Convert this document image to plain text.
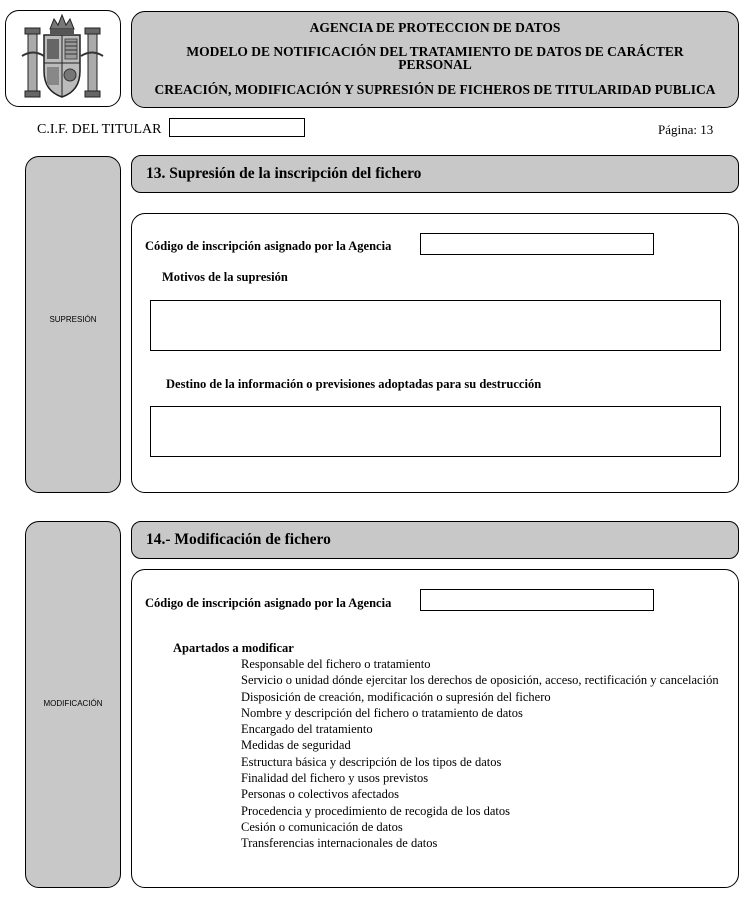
AGENCIA DE PROTECCION DE DATOS
MODELO DE NOTIFICACIÓN DEL TRATAMIENTO DE DATOS DE CARÁCTER PERSONAL
CREACIÓN, MODIFICACIÓN Y SUPRESIÓN DE FICHEROS DE TITULARIDAD PUBLICA
C.I.F. DEL TITULAR	Página: 13
SUPRESIÓN
13. Supresión de la inscripción del fichero
Código de inscripción asignado por la Agencia
Motivos de la supresión
Destino de la información o previsiones adoptadas para su destrucción
MODIFICACIÓN
14.- Modificación de fichero
Código de inscripción asignado por la Agencia
Apartados a modificar
Responsable del fichero o tratamiento
Servicio o unidad dónde ejercitar los derechos de oposición, acceso, rectificación y cancelación
Disposición de creación, modificación o supresión del fichero
Nombre y descripción del fichero o tratamiento de datos
Encargado del tratamiento
Medidas de seguridad
Estructura básica y descripción de los tipos de datos
Finalidad del fichero y usos previstos
Personas o colectivos afectados
Procedencia y procedimiento de recogida de los datos
Cesión o comunicación de datos
Transferencias internacionales de datos
